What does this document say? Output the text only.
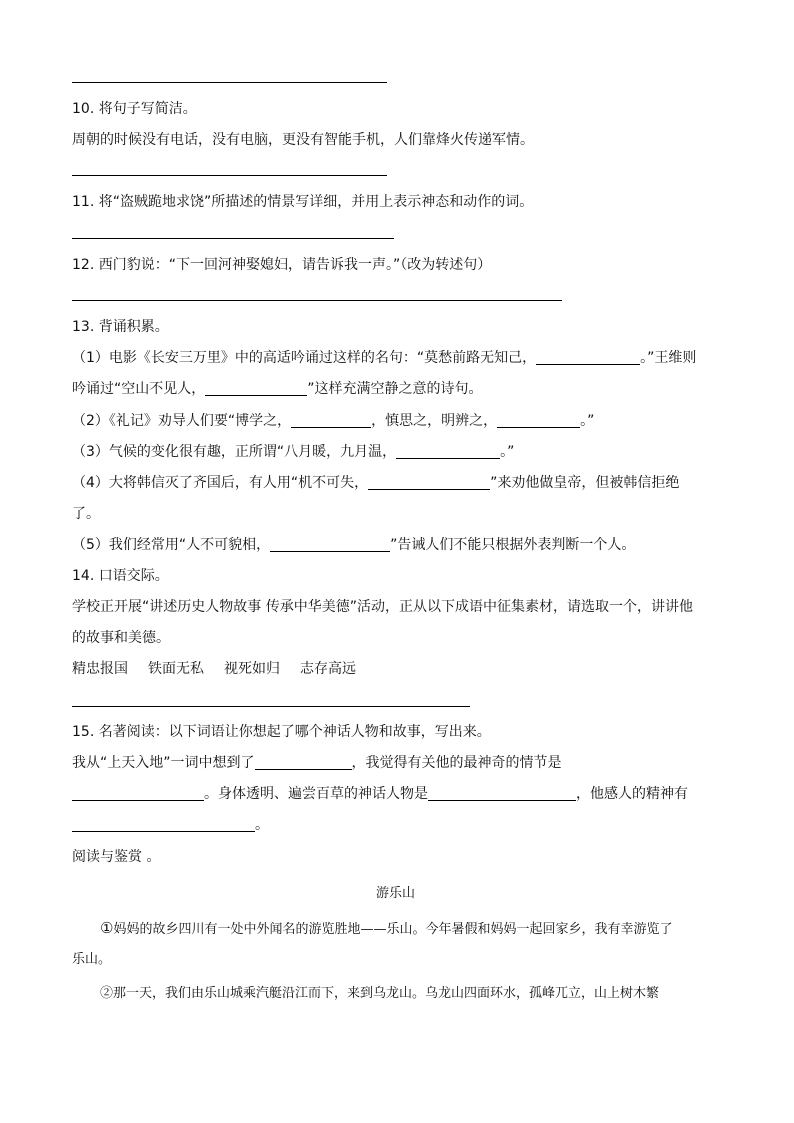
10. 将句子写简洁。
周朝的时候没有电话，没有电脑，更没有智能手机，人们靠烽火传递军情。
11. 将“盗贼跪地求饶”所描述的情景写详细，并用上表示神态和动作的词。
12. 西门豹说：“下一回河神娶媳妇，请告诉我一声。”（改为转述句）
13. 背诵积累。
（1）电影《长安三万里》中的高适吟诵过这样的名句：“莫愁前路无知己，	。”王维则
吟诵过“空山不见人，	”这样充满空静之意的诗句。
（2）《礼记》劝导人们要“博学之，	，慎思之，明辨之，	。”
（3）气候的变化很有趣，正所谓“八月暖，九月温，	。”
（4）大将韩信灭了齐国后，有人用“机不可失，	”来劝他做皇帝，但被韩信拒绝
了。
（5）我们经常用“人不可貌相，	”告诫人们不能只根据外表判断一个人。
14. 口语交际。
学校正开展“讲述历史人物故事 传承中华美德”活动，正从以下成语中征集素材，请选取一个，讲讲他
的故事和美德。
精忠报国 铁面无私 视死如归 志存高远
15. 名著阅读：以下词语让你想起了哪个神话人物和故事，写出来。
我从“上天入地”一词中想到了	，我觉得有关他的最神奇的情节是
。身体透明、遍尝百草的神话人物是	，他感人的精神有
。
阅读与鉴赏 。
游乐山
①妈妈的故乡四川有一处中外闻名的游览胜地——乐山。今年暑假和妈妈一起回家乡，我有幸游览了
乐山。
②那一天，我们由乐山城乘汽艇沿江而下，来到乌龙山。乌龙山四面环水，孤峰兀立，山上树木繁
